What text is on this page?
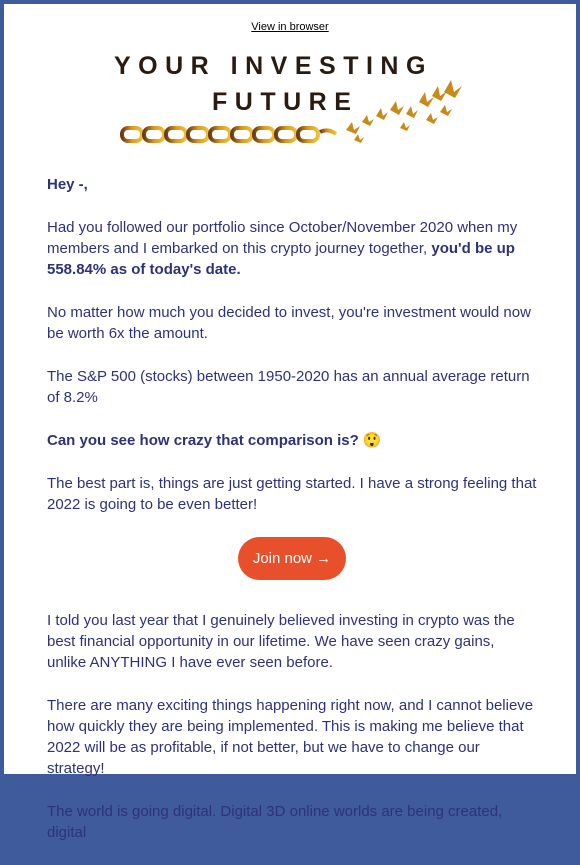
View in browser
YOUR INVESTING
FUTURE

Hey -,

Had you followed our portfolio since October/November 2020 when my members and I embarked on this crypto journey together, you'd be up 558.84% as of today's date.

No matter how much you decided to invest, you're investment would now be worth 6x the amount.

The S&P 500 (stocks) between 1950-2020 has an annual average return of 8.2%

Can you see how crazy that comparison is? 😲

The best part is, things are just getting started. I have a strong feeling that 2022 is going to be even better!

Join now →

I told you last year that I genuinely believed investing in crypto was the best financial opportunity in our lifetime. We have seen crazy gains, unlike ANYTHING I have ever seen before.

There are many exciting things happening right now, and I cannot believe how quickly they are being implemented. This is making me believe that 2022 will be as profitable, if not better, but we have to change our strategy!

The world is going digital. Digital 3D online worlds are being created, digital
